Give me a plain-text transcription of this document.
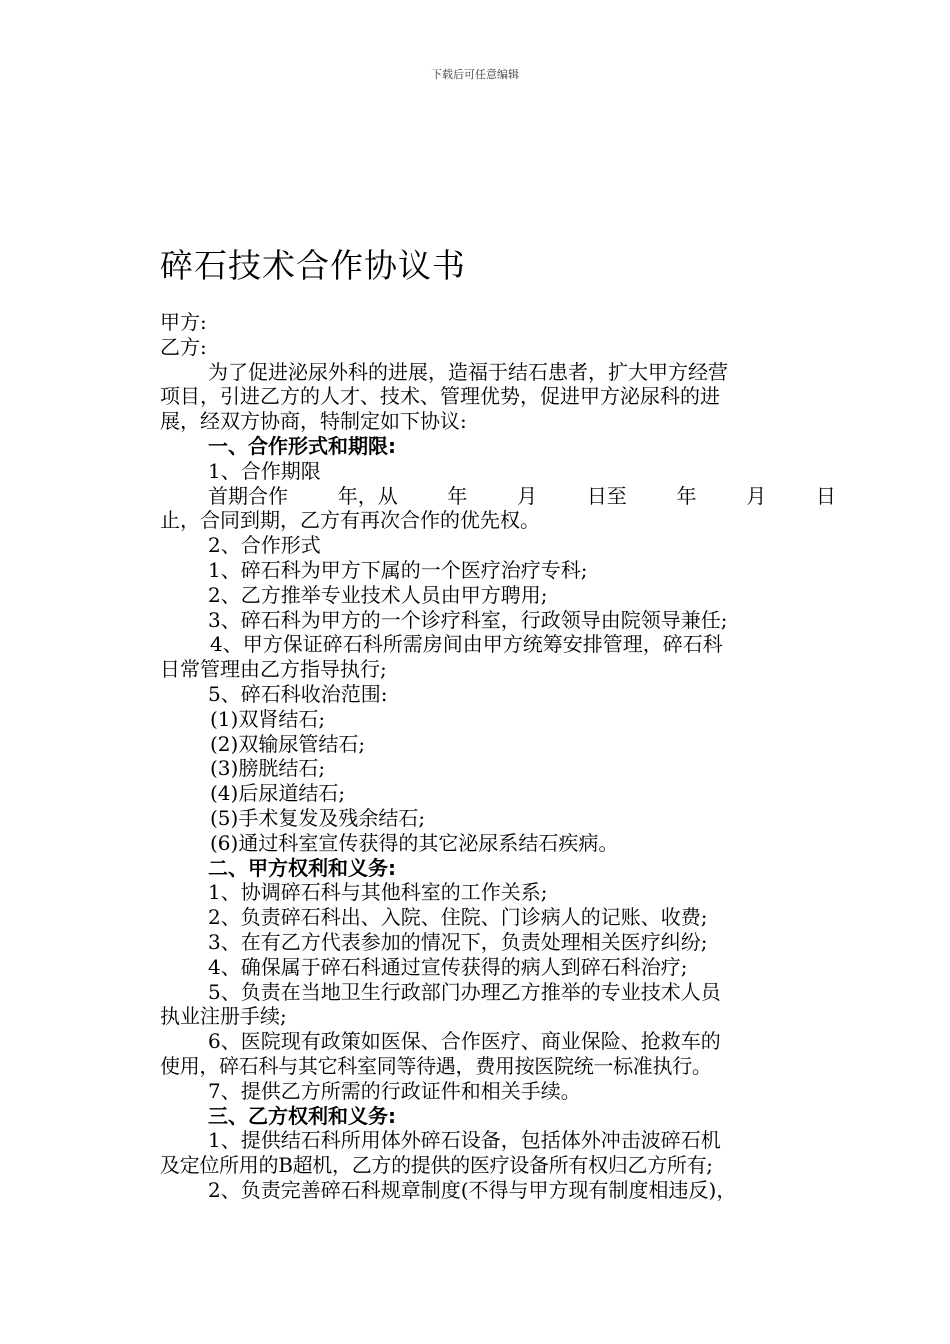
下载后可任意编辑
碎石技术合作协议书
甲方:
乙方:
为了促进泌尿外科的进展，造福于结石患者，扩大甲方经营
项目，引进乙方的人才、技术、管理优势，促进甲方泌尿科的进
展，经双方协商，特制定如下协议:
一、合作形式和期限:
1、合作期限
首期合作 年，从 年 月 日至 年 月 日
止，合同到期，乙方有再次合作的优先权。
2、合作形式
1、碎石科为甲方下属的一个医疗治疗专科;
2、乙方推举专业技术人员由甲方聘用;
3、碎石科为甲方的一个诊疗科室，行政领导由院领导兼任;
4、甲方保证碎石科所需房间由甲方统筹安排管理，碎石科
日常管理由乙方指导执行;
5、碎石科收治范围:
(1)双肾结石;
(2)双输尿管结石;
(3)膀胱结石;
(4)后尿道结石;
(5)手术复发及残余结石;
(6)通过科室宣传获得的其它泌尿系结石疾病。
二、甲方权利和义务:
1、协调碎石科与其他科室的工作关系;
2、负责碎石科出、入院、住院、门诊病人的记账、收费;
3、在有乙方代表参加的情况下，负责处理相关医疗纠纷;
4、确保属于碎石科通过宣传获得的病人到碎石科治疗;
5、负责在当地卫生行政部门办理乙方推举的专业技术人员
执业注册手续;
6、医院现有政策如医保、合作医疗、商业保险、抢救车的
使用，碎石科与其它科室同等待遇，费用按医院统一标准执行。
7、提供乙方所需的行政证件和相关手续。
三、乙方权利和义务:
1、提供结石科所用体外碎石设备，包括体外冲击波碎石机
及定位所用的B超机，乙方的提供的医疗设备所有权归乙方所有;
2、负责完善碎石科规章制度(不得与甲方现有制度相违反)，
